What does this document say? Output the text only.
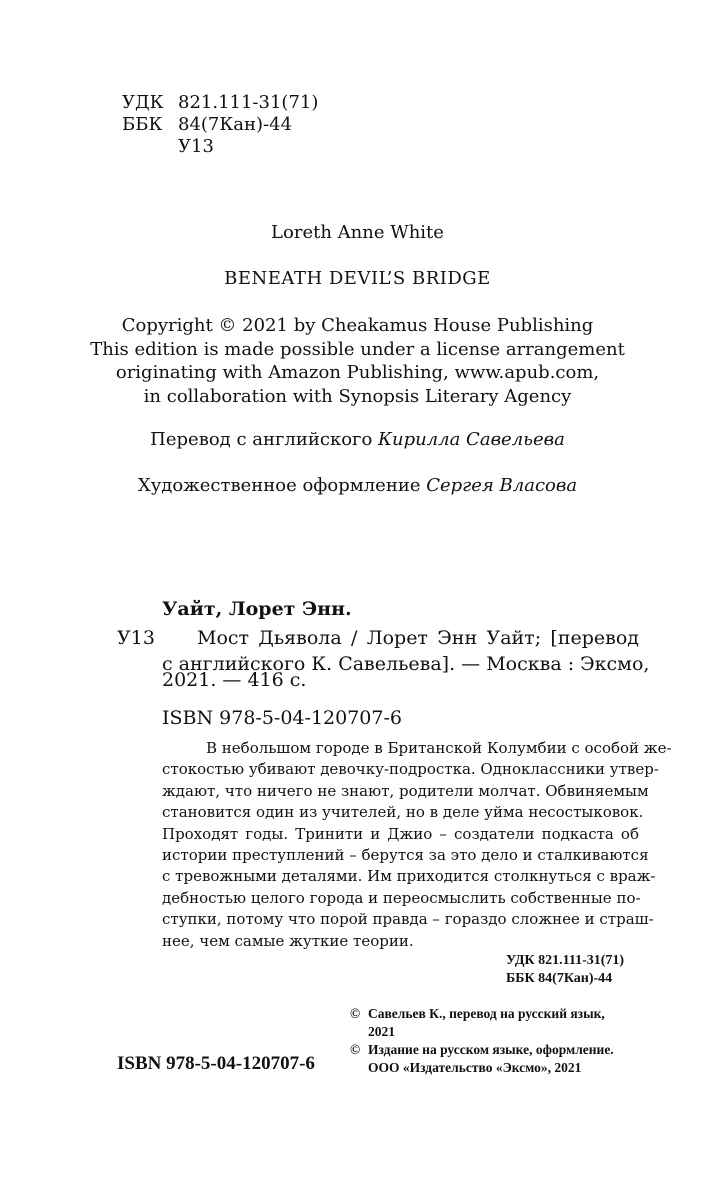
УДК 821.111-31(71)
ББК 84(7Кан)-44
У13
Loreth Anne White
BENEATH DEVIL’S BRIDGE
Copyright © 2021 by Cheakamus House Publishing
This edition is made possible under a license arrangement
originating with Amazon Publishing, www.apub.com,
in collaboration with Synopsis Literary Agency
Перевод с английского Кирилла Савельева
Художественное оформление Сергея Власова
Уайт, Лорет Энн.
У13 Мост Дьявола / Лорет Энн Уайт; [перевод
с английского К. Савельева]. — Москва : Эксмо,
2021. — 416 с.
ISBN 978-5-04-120707-6
В небольшом городе в Британской Колумбии с особой же-
стокостью убивают девочку-подростка. Одноклассники утвер-
ждают, что ничего не знают, родители молчат. Обвиняемым
становится один из учителей, но в деле уйма несостыковок.
Проходят годы. Тринити и Джио – создатели подкаста об
истории преступлений – берутся за это дело и сталкиваются
с тревожными деталями. Им приходится столкнуться с враж-
дебностью целого города и переосмыслить собственные по-
ступки, потому что порой правда – гораздо сложнее и страш-
нее, чем самые жуткие теории.
УДК 821.111-31(71)
ББК 84(7Кан)-44
© Савельев К., перевод на русский язык,
2021
© Издание на русском языке, оформление.
ООО «Издательство «Эксмо», 2021
ISBN 978-5-04-120707-6
